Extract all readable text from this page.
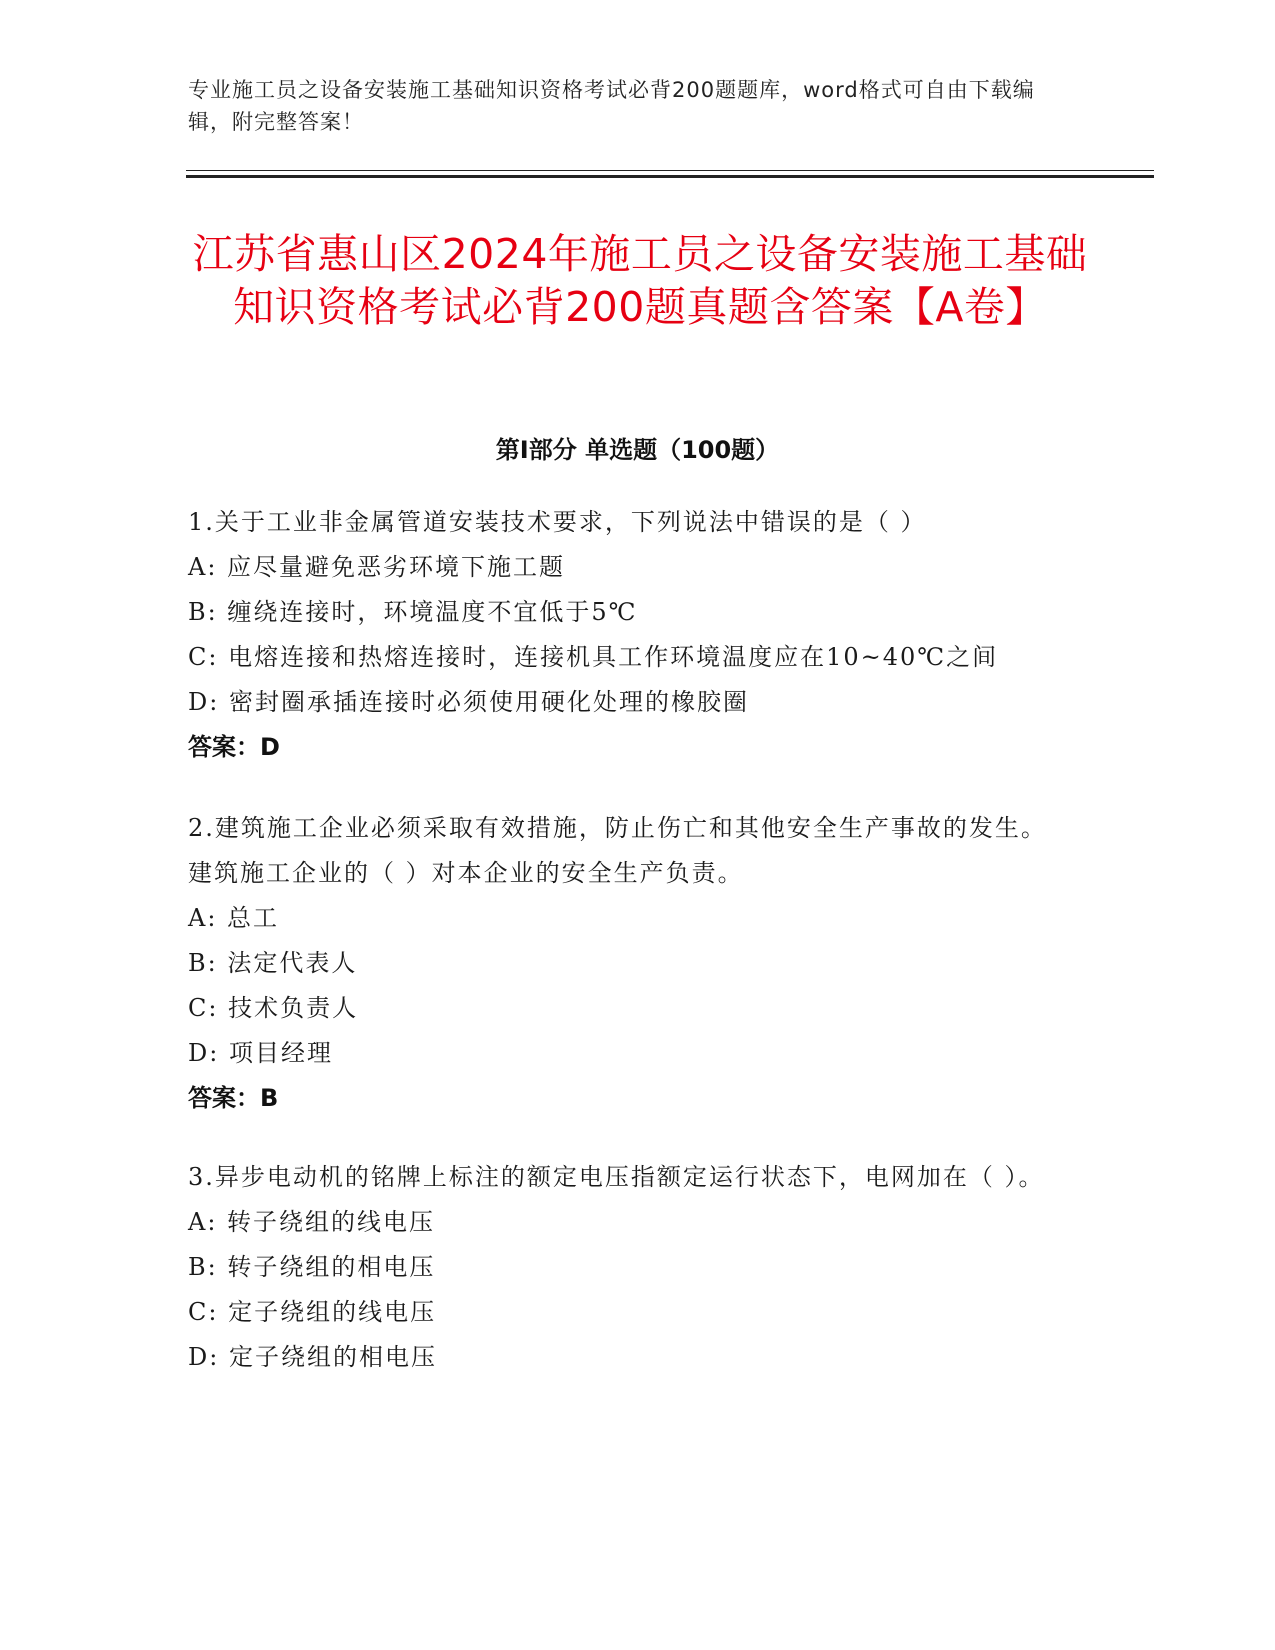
专业施工员之设备安装施工基础知识资格考试必背200题题库，word格式可自由下载编辑，附完整答案！
江苏省惠山区2024年施工员之设备安装施工基础知识资格考试必背200题真题含答案【A卷】
第Ⅰ部分 单选题（100题）
1.关于工业非金属管道安装技术要求，下列说法中错误的是（ ）
A: 应尽量避免恶劣环境下施工题
B: 缠绕连接时，环境温度不宜低于5℃
C: 电熔连接和热熔连接时，连接机具工作环境温度应在10~40℃之间
D: 密封圈承插连接时必须使用硬化处理的橡胶圈
答案：D
2.建筑施工企业必须采取有效措施，防止伤亡和其他安全生产事故的发生。建筑施工企业的（ ）对本企业的安全生产负责。
A: 总工
B: 法定代表人
C: 技术负责人
D: 项目经理
答案：B
3.异步电动机的铭牌上标注的额定电压指额定运行状态下，电网加在（ ）。
A: 转子绕组的线电压
B: 转子绕组的相电压
C: 定子绕组的线电压
D: 定子绕组的相电压
